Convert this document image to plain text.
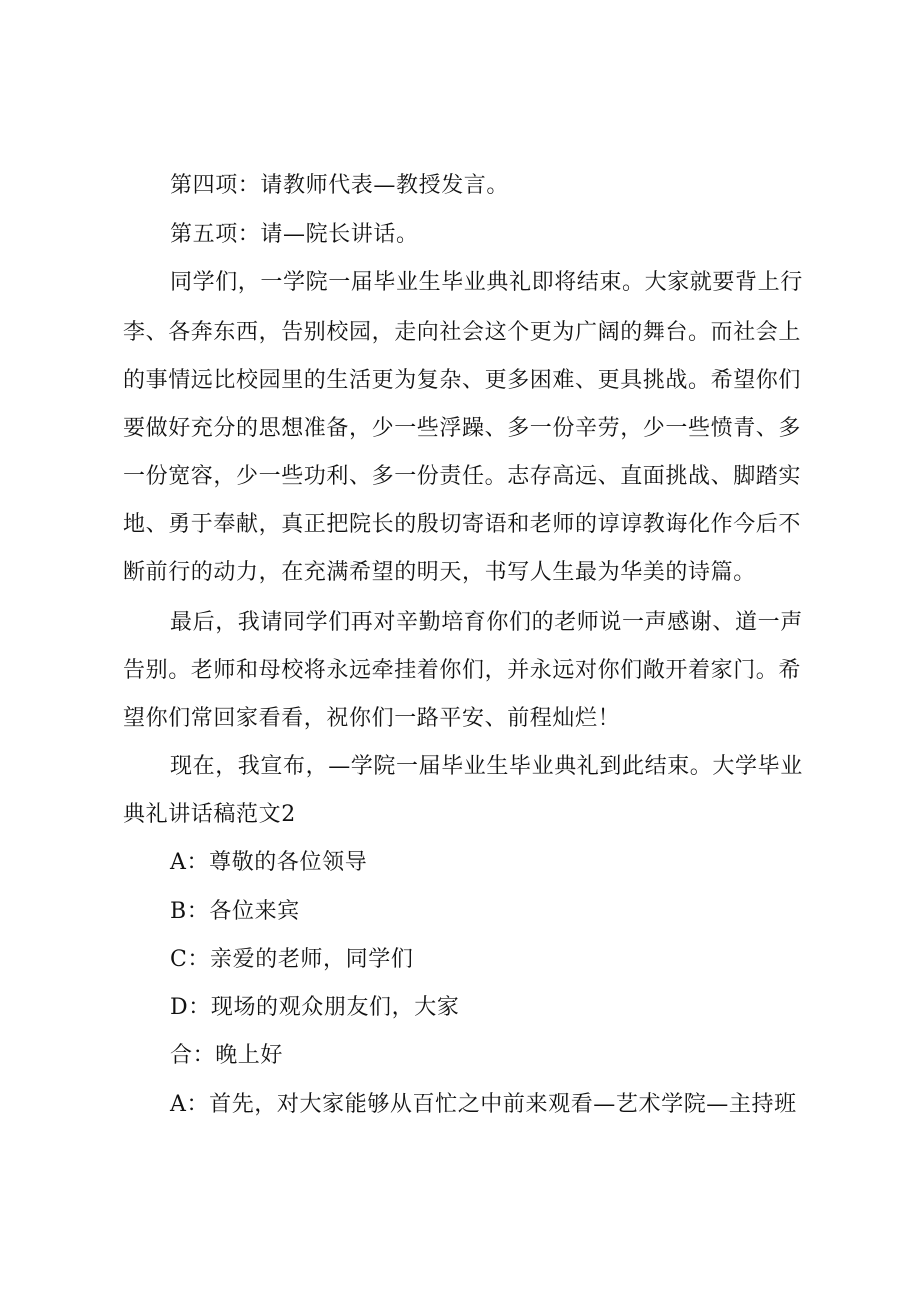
第四项：请教师代表—教授发言。
第五项：请—院长讲话。
同学们，一学院一届毕业生毕业典礼即将结束。大家就要背上行
李、各奔东西，告别校园，走向社会这个更为广阔的舞台。而社会上
的事情远比校园里的生活更为复杂、更多困难、更具挑战。希望你们
要做好充分的思想准备，少一些浮躁、多一份辛劳，少一些愤青、多
一份宽容，少一些功利、多一份责任。志存高远、直面挑战、脚踏实
地、勇于奉献，真正把院长的殷切寄语和老师的谆谆教诲化作今后不
断前行的动力，在充满希望的明天，书写人生最为华美的诗篇。
最后，我请同学们再对辛勤培育你们的老师说一声感谢、道一声
告别。老师和母校将永远牵挂着你们，并永远对你们敞开着家门。希
望你们常回家看看，祝你们一路平安、前程灿烂！
现在，我宣布，—学院一届毕业生毕业典礼到此结束。大学毕业
典礼讲话稿范文2
A：尊敬的各位领导
B：各位来宾
C：亲爱的老师，同学们
D：现场的观众朋友们，大家
合：晚上好
A：首先，对大家能够从百忙之中前来观看—艺术学院—主持班
